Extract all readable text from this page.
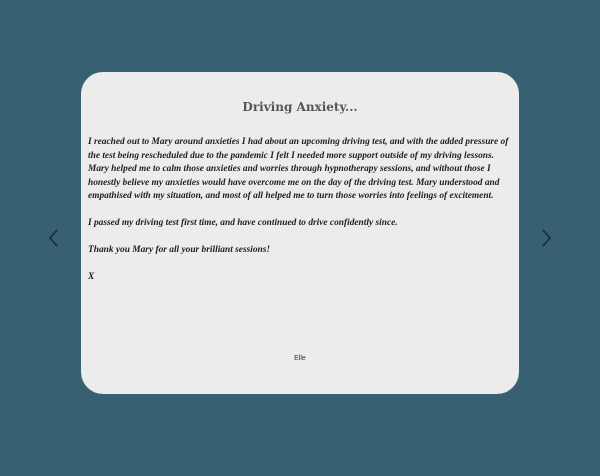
Driving Anxiety...

I reached out to Mary around anxieties I had about an upcoming driving test, and with the added pressure of the test being rescheduled due to the pandemic I felt I needed more support outside of my driving lessons.

Mary helped me to calm those anxieties and worries through hypnotherapy sessions, and without those I honestly believe my anxieties would have overcome me on the day of the driving test. Mary understood and empathised with my situation, and most of all helped me to turn those worries into feelings of excitement.

I passed my driving test first time, and have continued to drive confidently since.

Thank you Mary for all your brilliant sessions!

X

Elle
